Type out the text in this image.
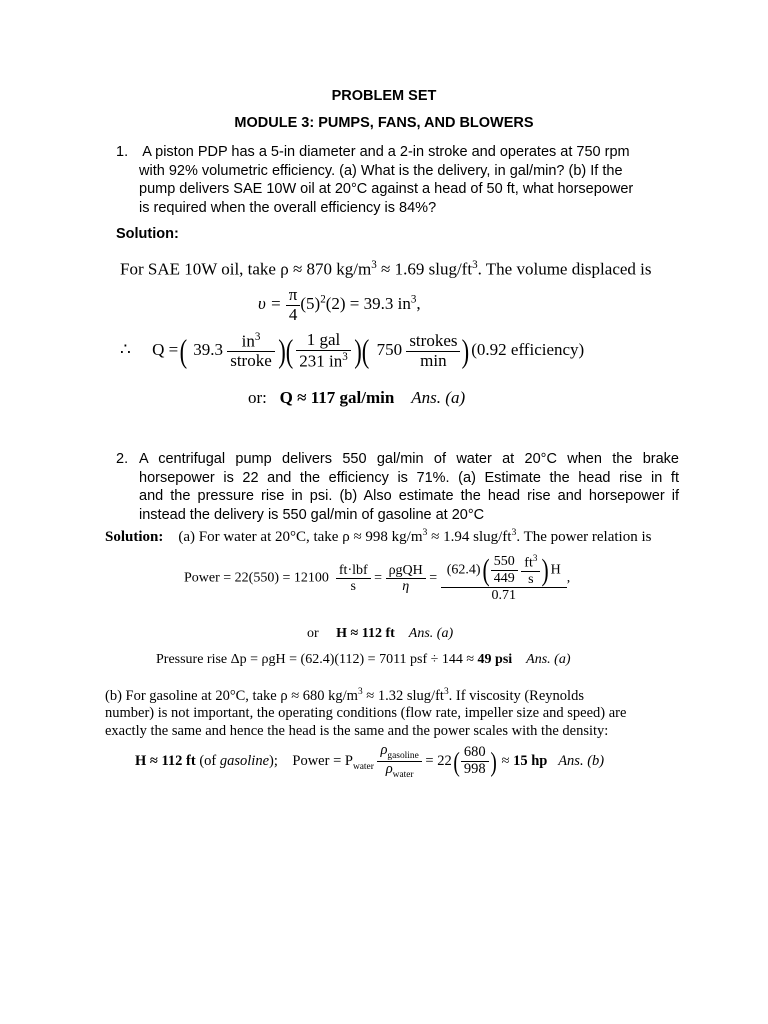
PROBLEM SET
MODULE 3: PUMPS, FANS, AND BLOWERS
1. A piston PDP has a 5-in diameter and a 2-in stroke and operates at 750 rpm
with 92% volumetric efficiency. (a) What is the delivery, in gal/min? (b) If the
pump delivers SAE 10W oil at 20°C against a head of 50 ft, what horsepower
is required when the overall efficiency is 84%?
Solution:
For SAE 10W oil, take ρ ≈ 870 $kg/m^3 \approx 1.69$ slug/$ft^3$. The volume displaced is
$\upsilon = \frac{\pi}{4} (5)^2(2) = 39.3$ $in^3$,
∴ Q =( $39.3 \frac{in^3}{\text{stroke}}$ )( $\frac{\text{1 gal}}{231 in^3}$ )( $750 \frac{\text{strokes}}{\min} )(0.92$ efficiency)
or: Q ≈ 117 gal/min Ans. (a)
2. A centrifugal pump delivers 550 gal/min of water at 20°C when the brake
horsepower is 22 and the efficiency is 71%. (a) Estimate the head rise in ft
and the pressure rise in psi. (b) Also estimate the head rise and horsepower if
instead the delivery is 550 gal/min of gasoline at 20°C
Solution: (a) For water at 20°C, take ρ ≈ 998 $kg/m^3 \approx 1.94$ slug/$ft^3$. The power relation is
Power = $22(550) = 12100 \frac{\text{ft·lbf}}{s} = \frac{\text{ρgQH}}{\eta} = (62.4)( \frac{550}{449}$
$\frac{ft^3}{s}$ ) H
0.71 ,
or H ≈ 112 ft Ans. (a)
Pressure rise Δp = ρgH = (62.4)(112) = 7011 psf ÷ 144 ≈ 49 psi Ans. (a)
(b) For gasoline at 20°C, take ρ ≈ 680 $kg/m^3 \approx 1.32$ slug/$ft^3$. If viscosity (Reynolds
number) is not important, the operating conditions (flow rate, impeller size and speed) are
exactly the same and hence the head is the same and the power scales with the density:
H ≈ 112 ft (of gasoline); Power = $P_{water} \frac{\rho_{gasoline}}{\rho_{water}} = 22( \frac{680}{998}$ ) ≈ 15 hp Ans. (b)
